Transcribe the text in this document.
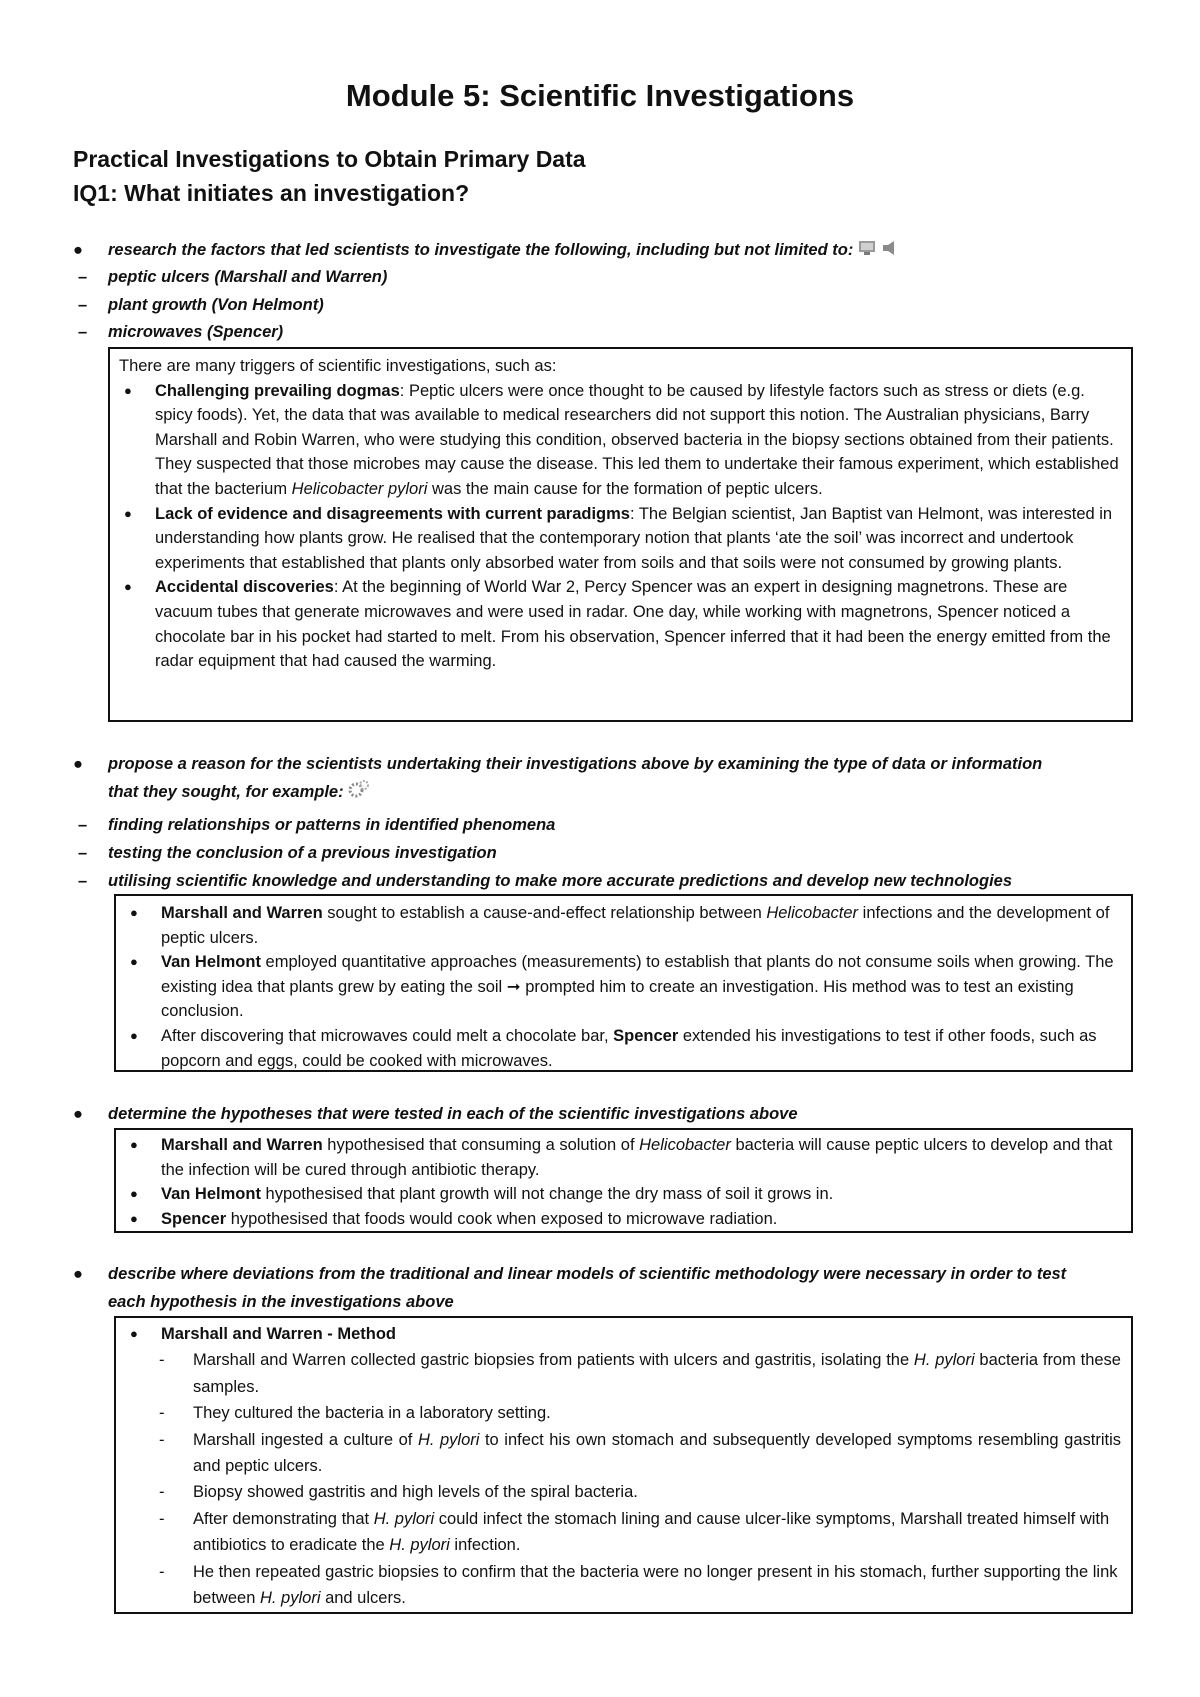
Module 5: Scientific Investigations
Practical Investigations to Obtain Primary Data
IQ1: What initiates an investigation?
● research the factors that led scientists to investigate the following, including but not limited to:
– peptic ulcers (Marshall and Warren)
– plant growth (Von Helmont)
– microwaves (Spencer)
There are many triggers of scientific investigations, such as:
● Challenging prevailing dogmas: Peptic ulcers were once thought to be caused by lifestyle factors such as stress or diets (e.g. spicy foods). Yet, the data that was available to medical researchers did not support this notion. The Australian physicians, Barry Marshall and Robin Warren, who were studying this condition, observed bacteria in the biopsy sections obtained from their patients. They suspected that those microbes may cause the disease. This led them to undertake their famous experiment, which established that the bacterium Helicobacter pylori was the main cause for the formation of peptic ulcers.
● Lack of evidence and disagreements with current paradigms: The Belgian scientist, Jan Baptist van Helmont, was interested in understanding how plants grow. He realised that the contemporary notion that plants ‘ate the soil’ was incorrect and undertook experiments that established that plants only absorbed water from soils and that soils were not consumed by growing plants.
● Accidental discoveries: At the beginning of World War 2, Percy Spencer was an expert in designing magnetrons. These are vacuum tubes that generate microwaves and were used in radar. One day, while working with magnetrons, Spencer noticed a chocolate bar in his pocket had started to melt. From his observation, Spencer inferred that it had been the energy emitted from the radar equipment that had caused the warming.
● propose a reason for the scientists undertaking their investigations above by examining the type of data or information
that they sought, for example:
– finding relationships or patterns in identified phenomena
– testing the conclusion of a previous investigation
– utilising scientific knowledge and understanding to make more accurate predictions and develop new technologies
● Marshall and Warren sought to establish a cause-and-effect relationship between Helicobacter infections and the development of peptic ulcers.
● Van Helmont employed quantitative approaches (measurements) to establish that plants do not consume soils when growing. The existing idea that plants grew by eating the soil ➞ prompted him to create an investigation. His method was to test an existing conclusion.
● After discovering that microwaves could melt a chocolate bar, Spencer extended his investigations to test if other foods, such as popcorn and eggs, could be cooked with microwaves.
● determine the hypotheses that were tested in each of the scientific investigations above
● Marshall and Warren hypothesised that consuming a solution of Helicobacter bacteria will cause peptic ulcers to develop and that the infection will be cured through antibiotic therapy.
● Van Helmont hypothesised that plant growth will not change the dry mass of soil it grows in.
● Spencer hypothesised that foods would cook when exposed to microwave radiation.
● describe where deviations from the traditional and linear models of scientific methodology were necessary in order to test
each hypothesis in the investigations above
● Marshall and Warren - Method
- Marshall and Warren collected gastric biopsies from patients with ulcers and gastritis, isolating the H. pylori bacteria from these samples.
- They cultured the bacteria in a laboratory setting.
- Marshall ingested a culture of H. pylori to infect his own stomach and subsequently developed symptoms resembling gastritis and peptic ulcers.
- Biopsy showed gastritis and high levels of the spiral bacteria.
- After demonstrating that H. pylori could infect the stomach lining and cause ulcer-like symptoms, Marshall treated himself with antibiotics to eradicate the H. pylori infection.
- He then repeated gastric biopsies to confirm that the bacteria were no longer present in his stomach, further supporting the link between H. pylori and ulcers.
